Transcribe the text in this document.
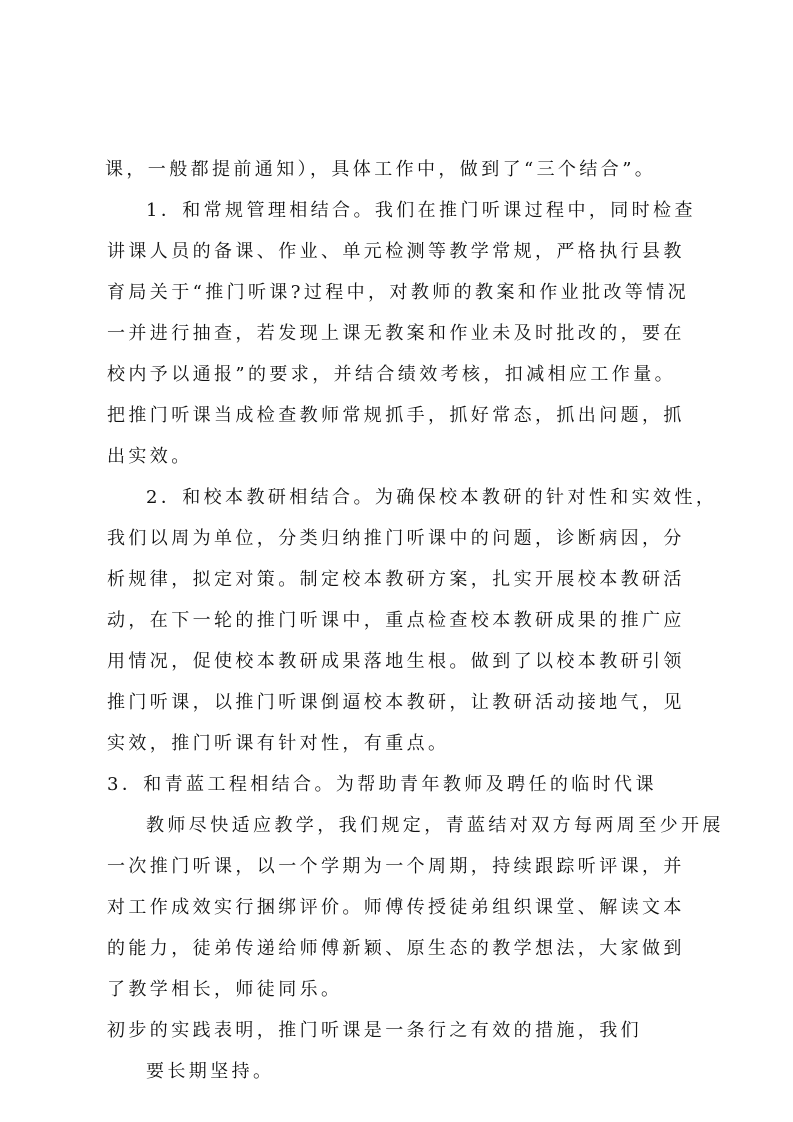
课，一般都提前通知），具体工作中，做到了“三个结合”。
1．和常规管理相结合。我们在推门听课过程中，同时检查
讲课人员的备课、作业、单元检测等教学常规，严格执行县教
育局关于“推门听课?过程中，对教师的教案和作业批改等情况
一并进行抽查，若发现上课无教案和作业未及时批改的，要在
校内予以通报”的要求，并结合绩效考核，扣减相应工作量。
把推门听课当成检查教师常规抓手，抓好常态，抓出问题，抓
出实效。
2．和校本教研相结合。为确保校本教研的针对性和实效性，
我们以周为单位，分类归纳推门听课中的问题，诊断病因，分
析规律，拟定对策。制定校本教研方案，扎实开展校本教研活
动，在下一轮的推门听课中，重点检查校本教研成果的推广应
用情况，促使校本教研成果落地生根。做到了以校本教研引领
推门听课，以推门听课倒逼校本教研，让教研活动接地气，见
实效，推门听课有针对性，有重点。
3．和青蓝工程相结合。为帮助青年教师及聘任的临时代课
教师尽快适应教学，我们规定，青蓝结对双方每两周至少开展
一次推门听课，以一个学期为一个周期，持续跟踪听评课，并
对工作成效实行捆绑评价。师傅传授徒弟组织课堂、解读文本
的能力，徒弟传递给师傅新颖、原生态的教学想法，大家做到
了教学相长，师徒同乐。
初步的实践表明，推门听课是一条行之有效的措施，我们
要长期坚持。
